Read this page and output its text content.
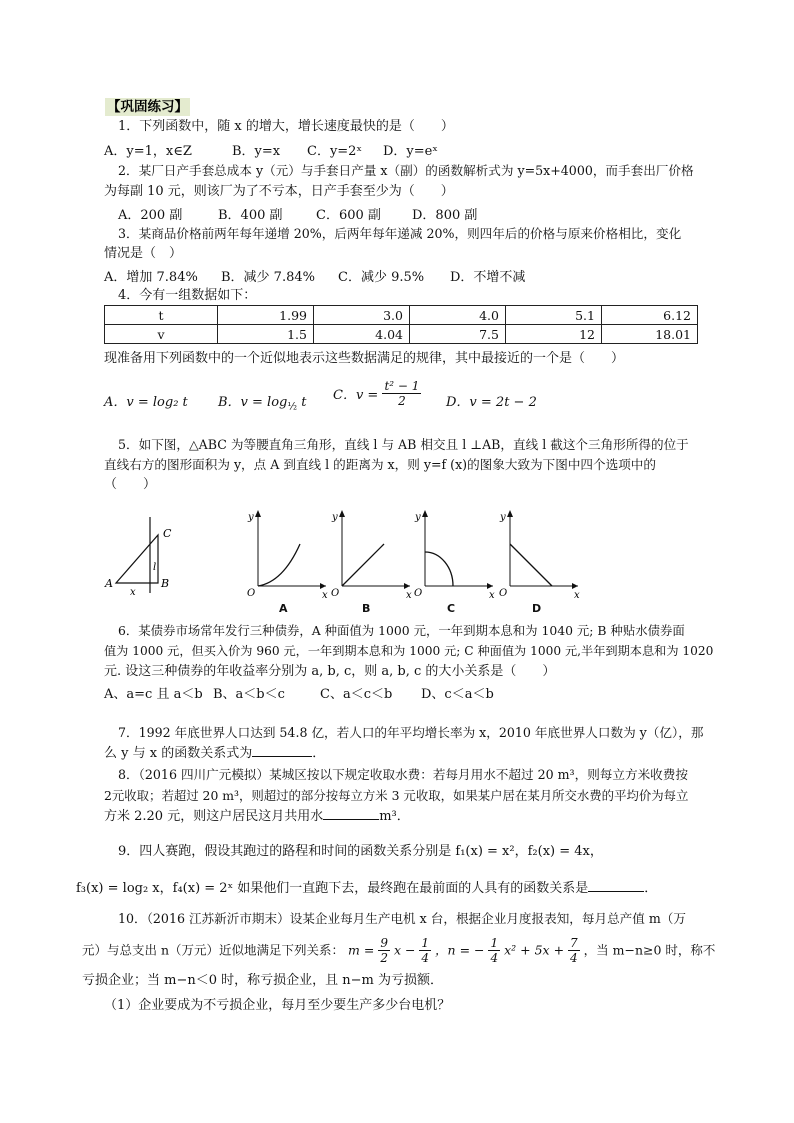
【巩固练习】
1．下列函数中，随 x 的增大，增长速度最快的是（　　）
A．y=1，x∈Z	B．y=x C．y=2ˣ D．y=eˣ
2．某厂日产手套总成本 y（元）与手套日产量 x（副）的函数解析式为 y=5x+4000，而手套出厂价格
为每副 10 元，则该厂为了不亏本，日产手套至少为（　　）
A．200 副	B．400 副	C．600 副 D．800 副
3．某商品价格前两年每年递增 20%，后两年每年递减 20%，则四年后的价格与原来价格相比，变化
情况是（　）
A．增加 7.84% B．减少 7.84% C．减少 9.5% D．不增不减
4．今有一组数据如下：
t	1.99	3.0	4.0	5.1	6.12
v	1.5	4.04	7.5	12	18.01
现准备用下列函数中的一个近似地表示这些数据满足的规律，其中最接近的一个是（　　）
A．v = log₂ t B．$v = \log_{\frac{1}{2}} t$ C．$v = \frac{\text{t² − 1}}{2}$ D．v = 2t − 2
5．如下图，△ABC 为等腰直角三角形，直线 l 与 AB 相交且 l ⊥AB，直线 l 截这个三角形所得的位于
直线右方的图形面积为 y，点 A 到直线 l 的距离为 x，则 y=f (x)的图象大致为下图中四个选项中的
（　　）
A	B
C
l
x
y
x
O
A
y
x
O
B
y
x
O
C
y
x
O
D
6．某债券市场常年发行三种债券，A 种面值为 1000 元，一年到期本息和为 1040 元; B 种贴水债券面
值为 1000 元，但买入价为 960 元，一年到期本息和为 1000 元; C 种面值为 1000 元,半年到期本息和为 1020
元. 设这三种债券的年收益率分别为 a, b, c，则 a, b, c 的大小关系是（　　）
A、a=c 且 a＜b B、a＜b＜c	C、a＜c＜b D、c＜a＜b
7．1992 年底世界人口达到 54.8 亿，若人口的年平均增长率为 x，2010 年底世界人口数为 y（亿），那
么 y 与 x 的函数关系式为	．
8．（2016 四川广元模拟）某城区按以下规定收取水费：若每月用水不超过 20 m³，则每立方米收费按
2元收取；若超过 20 m³，则超过的部分按每立方米 3 元收取，如果某户居在某月所交水费的平均价为每立
方米 2.20 元，则这户居民这月共用水	m³．
9．四人赛跑，假设其跑过的路程和时间的函数关系分别是 f₁(x) = x²，f₂(x) = 4x，
f₃(x) = log₂ x，f₄(x) = 2ˣ 如果他们一直跑下去，最终跑在最前面的人具有的函数关系是	．
10．（2016 江苏新沂市期末）设某企业每月生产电机 x 台，根据企业月度报表知，每月总产值 m（万
元）与总支出 n（万元）近似地满足下列关系： $m = \frac{9}{2}$ $x - \frac{1}{4}$ ，n = − $\frac{1}{4} x^2 + 5x + \frac{7}{4}$ ，当 m−n≥0 时，称不
亏损企业；当 m−n＜0 时，称亏损企业，且 n−m 为亏损额．
（1）企业要成为不亏损企业，每月至少要生产多少台电机？
